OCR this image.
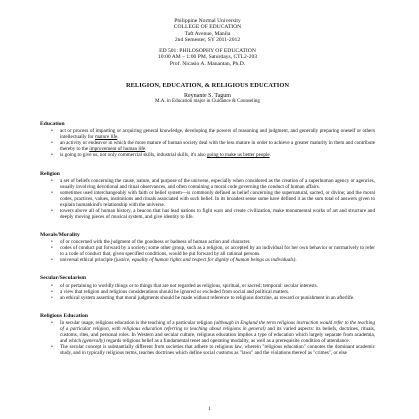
Philippine Normal University
COLLEGE OF EDUCATION
Taft Avenue, Manila
2nd Semester, SY 2011-2012
ED 501: PHILOSOPHY OF EDUCATION
10:00 AM – 1:00 PM, Saturdays, CTL2-203
Prof. Nicasio A. Manantan, Ph.D.
RELIGION, EDUCATION, & RELIGIOUS EDUCATION
Reynante S. Tagum
M.A. in Education major in Guidance & Counseling
Education
• act or process of imparting or acquiring general knowledge, developing the powers of reasoning and judgment, and generally preparing oneself or others intellectually for mature life.
• an activity or endeavor in which the more mature of human society deal with the less mature in order to achieve a greater maturity in them and contribute thereby to the improvement of human life.
• is going to give us, not only commercial skills, industrial skills, it's also going to make us better people.
Religion
• a set of beliefs concerning the cause, nature, and purpose of the universe, especially when considered as the creation of a superhuman agency or agencies, usually involving devotional and ritual observances, and often containing a moral code governing the conduct of human affairs.
• sometimes used interchangeably with faith or belief system—is commonly defined as belief concerning the supernatural, sacred, or divine; and the moral codes, practices, values, institutions and rituals associated with such belief. In its broadest sense some have defined it as the sum total of answers given to explain humankind's relationship with the universe.
• towers above all of human history, a beacon that has lead nations to fight wars and create civilization, make monumental works of art and structure and deeply moving pieces of musical system, and give identity to life.
Morals/Morality
• of or concerned with the judgment of the goodness or badness of human action and character.
• codes of conduct put forward by a society; some other group, such as a religion, or accepted by an individual for her own behavior or normatively to refer to a code of conduct that, given specified conditions, would be put forward by all rational persons.
• universal ethical principle (justice, equality of human rights and respect for dignity of human beings as individuals).
Secular/Secularism
• of or pertaining to worldly things or to things that are not regarded as religious, spiritual, or sacred; temporal: secular interests.
• a view that religion and religious considerations should be ignored or excluded from social and political matters.
• an ethical system asserting that moral judgments should be made without reference to religious doctrine, as reward or punishment in an afterlife.
Religious Education
• In secular usage, religious education is the teaching of a particular religion (although in England the term religious instruction would refer to the teaching of a particular religion, with religious education referring to teaching about religions in general) and its varied aspects: its beliefs, doctrines, rituals, customs, rites, and personal roles. In Western and secular culture, religious education implies a type of education which largely separate from academia, and which (generally) regards religious belief as a fundamental tenet and operating modality, as well as a prerequisite condition of attendance.
• The secular concept is substantially different from societies that adhere to religious law, wherein "religious education" connotes the dominant academic study, and in typically religious terms, teaches doctrines which define social customs as "laws" and the violations thereof as "crimes", or else
1
